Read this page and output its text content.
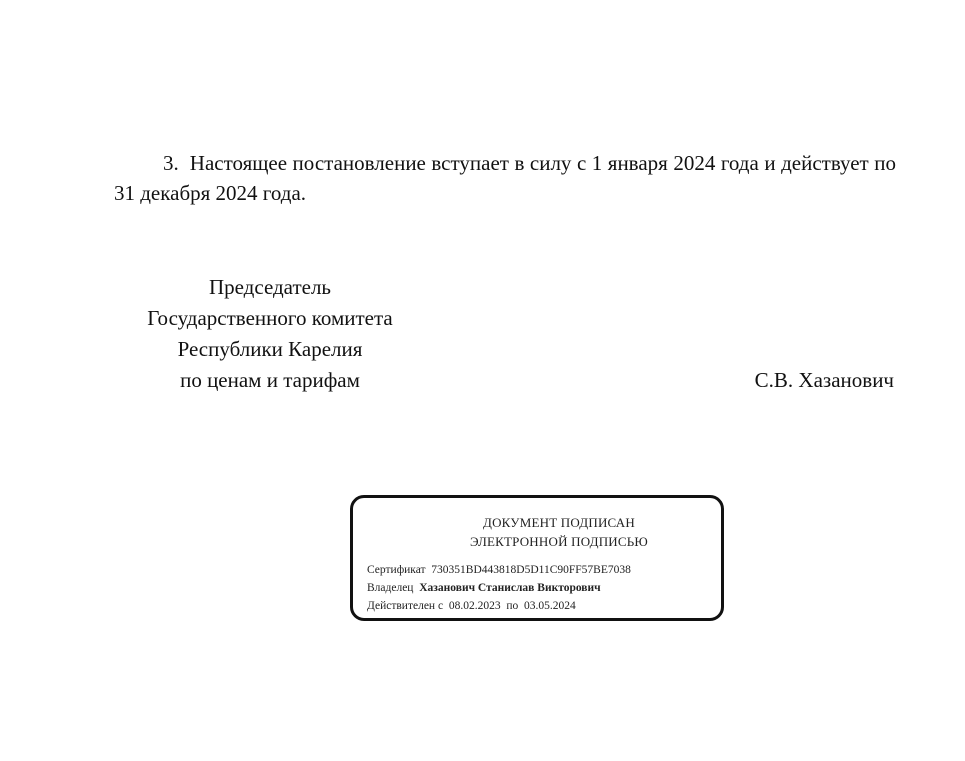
3.  Настоящее постановление вступает в силу с 1 января 2024 года и действует по 31 декабря 2024 года.

Председатель
Государственного комитета
Республики Карелия
по ценам и тарифам	С.В. Хазанович
ДОКУМЕНТ ПОДПИСАН
ЭЛЕКТРОННОЙ ПОДПИСЬЮ
Сертификат 730351BD443818D5D11C90FF57BE7038
Владелец Хазанович Станислав Викторович
Действителен с 08.02.2023 по 03.05.2024
